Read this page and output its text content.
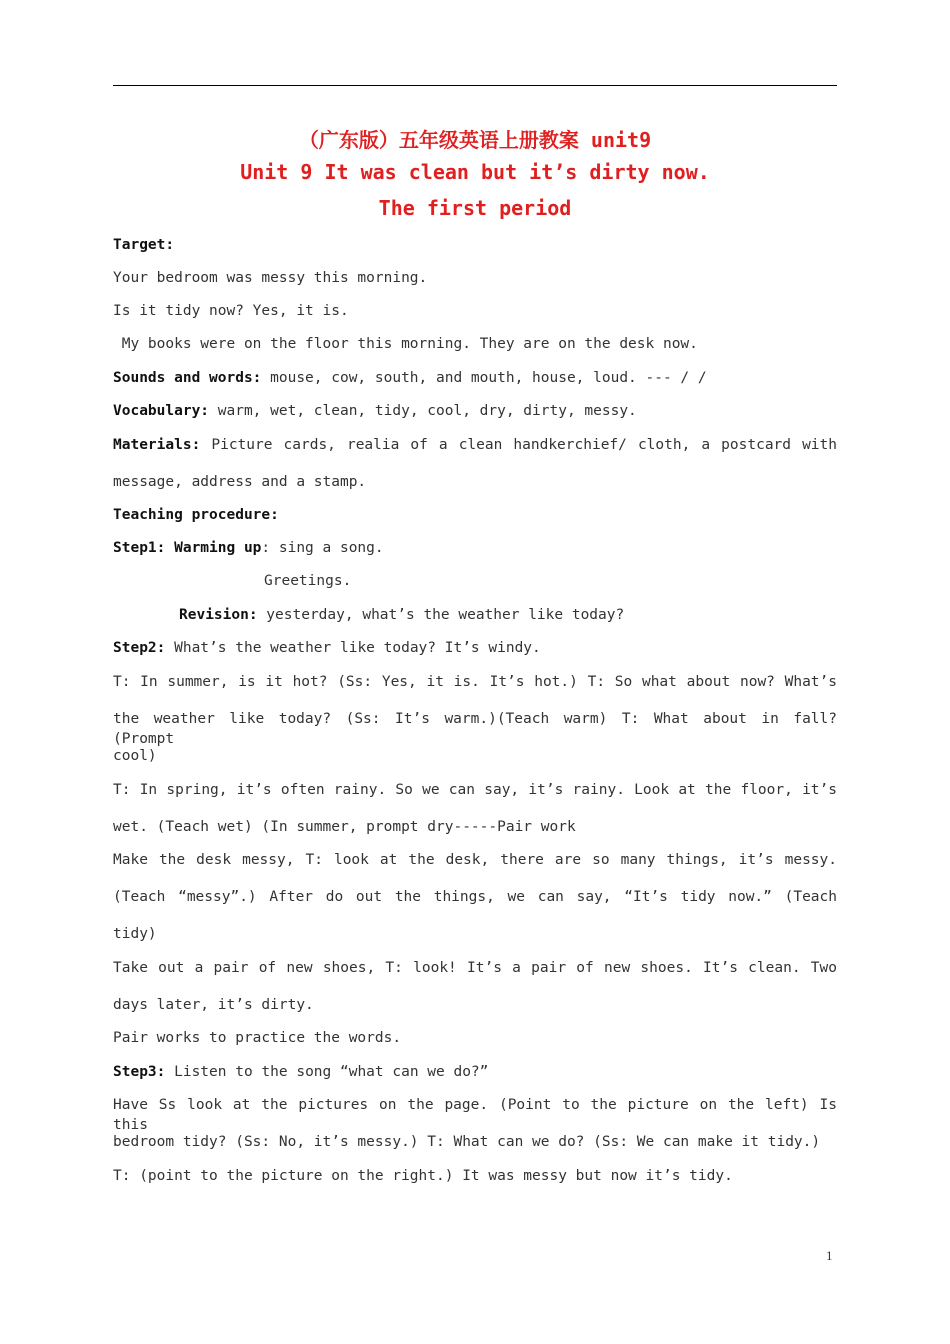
（广东版）五年级英语上册教案 unit9
Unit 9 It was clean but it’s dirty now.
The first period
Target:
Your bedroom was messy this morning.
Is it tidy now? Yes, it is.
My books were on the floor this morning. They are on the desk now.
Sounds and words: mouse, cow, south, and mouth, house, loud. --- / /
Vocabulary: warm, wet, clean, tidy, cool, dry, dirty, messy.
Materials: Picture cards, realia of a clean handkerchief/ cloth, a postcard with
message, address and a stamp.
Teaching procedure:
Step1: Warming up: sing a song.
Greetings.
Revision: yesterday, what’s the weather like today?
Step2: What’s the weather like today? It’s windy.
T: In summer, is it hot? (Ss: Yes, it is. It’s hot.) T: So what about now? What’s
the weather like today? (Ss: It’s warm.)(Teach warm) T: What about in fall? (Prompt
cool)
T: In spring, it’s often rainy. So we can say, it’s rainy. Look at the floor, it’s
wet. (Teach wet) (In summer, prompt dry-----Pair work
Make the desk messy, T: look at the desk, there are so many things, it’s messy.
(Teach “messy”.) After do out the things, we can say, “It’s tidy now.” (Teach
tidy)
Take out a pair of new shoes, T: look! It’s a pair of new shoes. It’s clean. Two
days later, it’s dirty.
Pair works to practice the words.
Step3: Listen to the song “what can we do?”
Have Ss look at the pictures on the page. (Point to the picture on the left) Is this
bedroom tidy? (Ss: No, it’s messy.) T: What can we do? (Ss: We can make it tidy.)
T: (point to the picture on the right.) It was messy but now it’s tidy.
1
